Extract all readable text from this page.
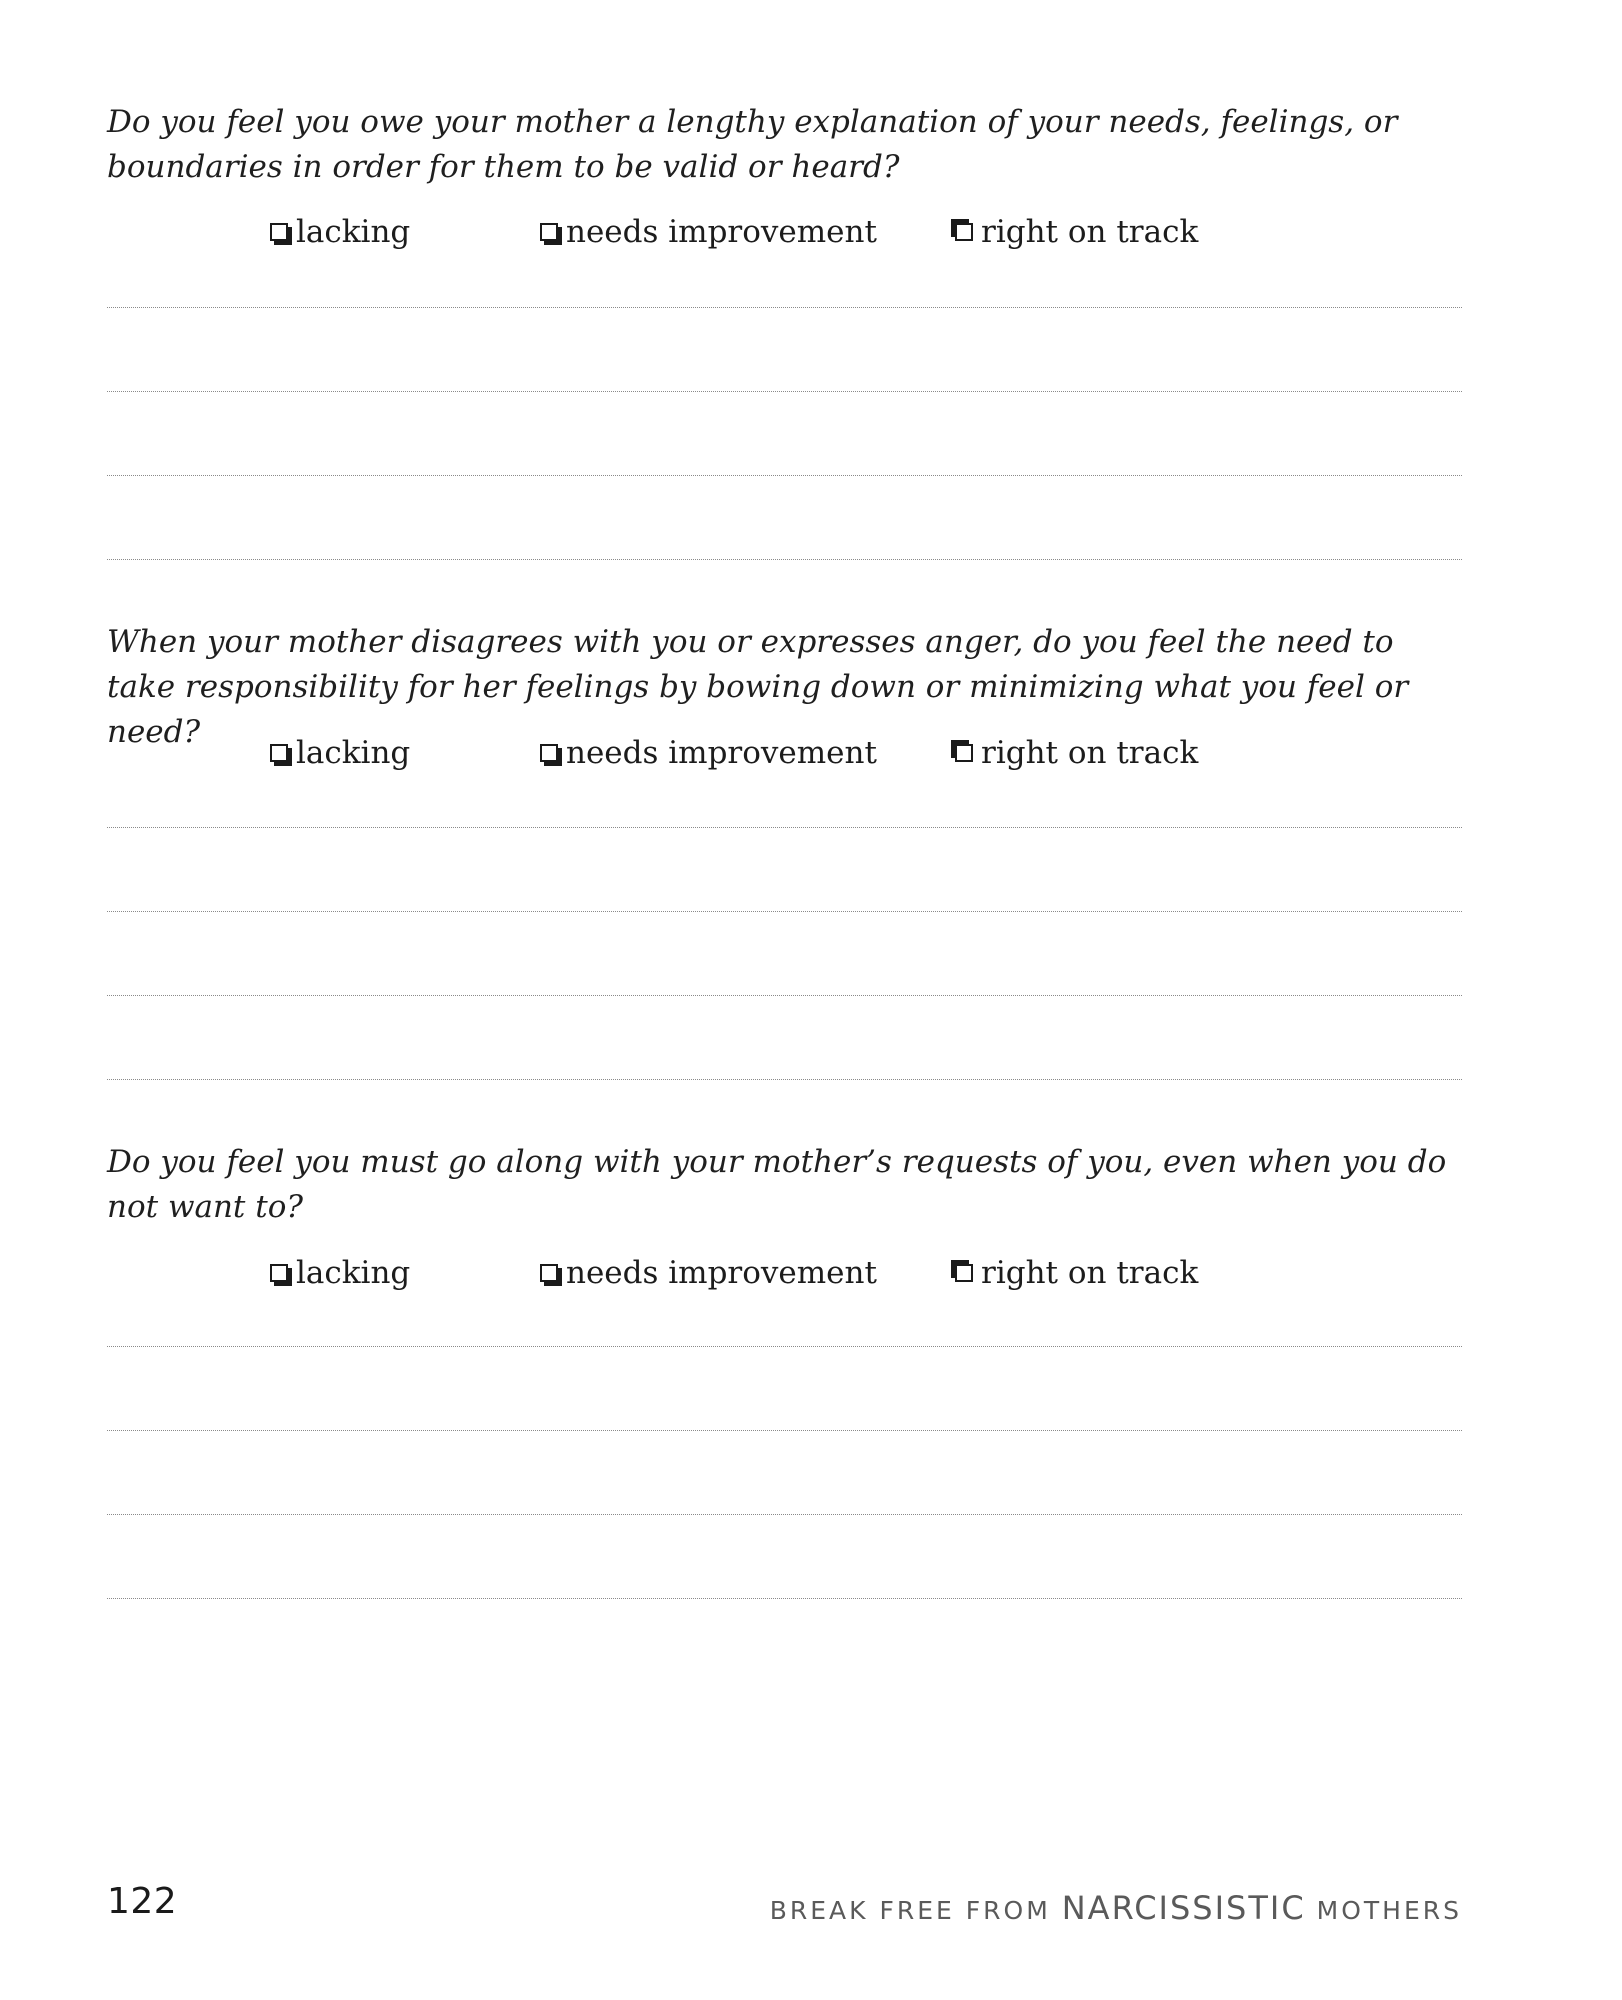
Do you feel you owe your mother a lengthy explanation of your needs, feelings, or boundaries in order for them to be valid or heard?
lacking	needs improvement	right on track
When your mother disagrees with you or expresses anger, do you feel the need to take responsibility for her feelings by bowing down or minimizing what you feel or need?
lacking	needs improvement	right on track
Do you feel you must go along with your mother’s requests of you, even when you do not want to?
lacking	needs improvement	right on track
122	BREAK FREE FROM NARCISSISTIC MOTHERS
